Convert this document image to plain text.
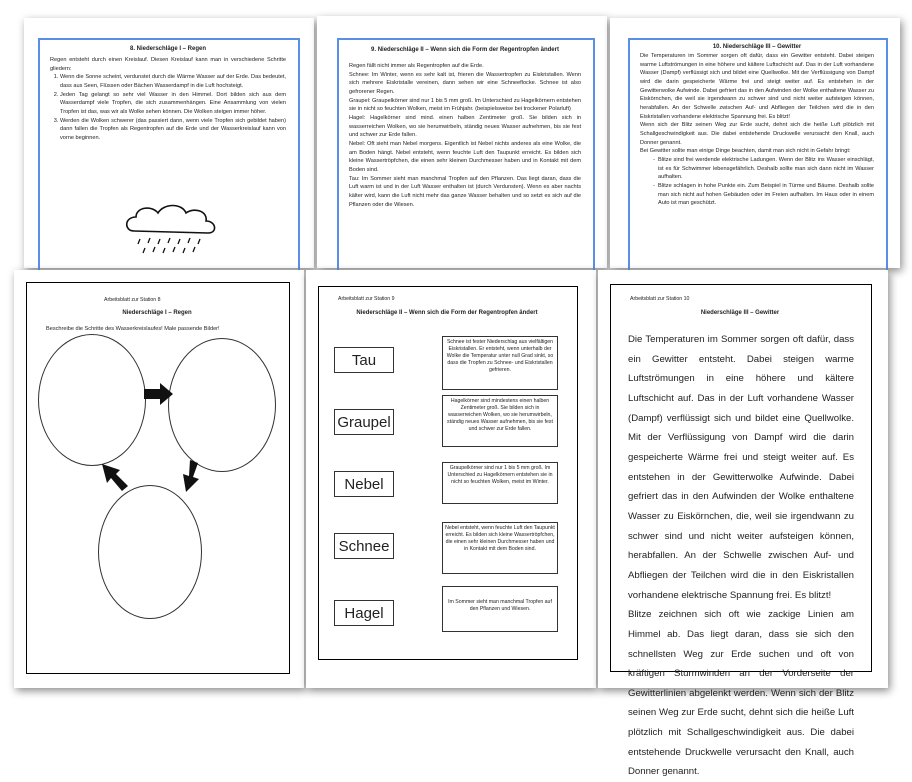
8. Niederschläge I – Regen
Regen entsteht durch einen Kreislauf. Diesen Kreislauf kann man in verschiedene Schritte gliedern:
1. Wenn die Sonne scheint, verdunstet durch die Wärme Wasser auf der Erde. Das bedeutet, dass aus Seen, Flüssen oder Bächen Wasserdampf in die Luft hochsteigt.
2. Jeden Tag gelangt so sehr viel Wasser in den Himmel. Dort bilden sich aus dem Wasserdampf viele Tropfen, die sich zusammenhängen. Eine Ansammlung von vielen Tropfen ist das, was wir als Wolke sehen können. Die Wolken steigen immer höher.
3. Werden die Wolken schwerer (das passiert dann, wenn viele Tropfen sich gebildet haben) dann fallen die Tropfen als Regentropfen auf die Erde und der Wasserkreislauf kann von vorne beginnen.
9. Niederschläge II – Wenn sich die Form der Regentropfen ändert
Regen fällt nicht immer als Regentropfen auf die Erde.
Schnee: Im Winter, wenn es sehr kalt ist, frieren die Wassertropfen zu Eiskristallen. Wenn sich mehrere Eiskristalle vereinen, dann sehen wir eine Schneeflocke. Schnee ist also gefrorener Regen.
Graupel: Graupelkörner sind nur 1 bis 5 mm groß. Im Unterschied zu Hagelkörnern entstehen sie in nicht so feuchten Wolken, meist im Frühjahr. (beispielsweise bei trockener Polarluft)
Hagel: Hagelkörner sind mind. einen halben Zentimeter groß. Sie bilden sich in wasserreichen Wolken, wo sie herumwirbeln, ständig neues Wasser aufnehmen, bis sie fest und schwer zur Erde fallen.
Nebel: Oft sieht man Nebel morgens. Eigentlich ist Nebel nichts anderes als eine Wolke, die am Boden hängt. Nebel entsteht, wenn feuchte Luft den Taupunkt erreicht. Es bilden sich kleine Wassertröpfchen, die einen sehr kleinen Durchmesser haben und in Kontakt mit dem Boden sind.
Tau: Im Sommer sieht man manchmal Tropfen auf den Pflanzen. Das liegt daran, dass die Luft warm ist und in der Luft Wasser enthalten ist (durch Verdunsten). Wenn es aber nachts kälter wird, kann die Luft nicht mehr das ganze Wasser behalten und so setzt es sich auf die Pflanzen oder die Wiesen.
10. Niederschläge III – Gewitter
Die Temperaturen im Sommer sorgen oft dafür, dass ein Gewitter entsteht. Dabei steigen warme Luftströmungen in eine höhere und kältere Luftschicht auf. Das in der Luft vorhandene Wasser (Dampf) verflüssigt sich und bildet eine Quellwolke. Mit der Verflüssigung von Dampf wird die darin gespeicherte Wärme frei und steigt weiter auf. Es entstehen in der Gewitterwolke Aufwinde. Dabei gefriert das in den Aufwinden der Wolke enthaltene Wasser zu Eiskörnchen, die weil sie irgendwann zu schwer sind und nicht weiter aufsteigen können, herabfallen. An der Schwelle zwischen Auf- und Abfliegen der Teilchen wird die in den Eiskristallen vorhandene elektrische Spannung frei. Es blitzt!
Wenn sich der Blitz seinen Weg zur Erde sucht, dehnt sich die heiße Luft plötzlich mit Schallgeschwindigkeit aus. Die dabei entstehende Druckwelle verursacht den Knall, auch Donner genannt.
Bei Gewitter sollte man einige Dinge beachten, damit man sich nicht in Gefahr bringt:
- Blitze sind frei werdende elektrische Ladungen. Wenn der Blitz ins Wasser einschlägt, ist es für Schwimmer lebensgefährlich. Deshalb sollte man sich dann nicht im Wasser aufhalten.
- Blitze schlagen in hohe Punkte ein. Zum Beispiel in Türme und Bäume. Deshalb sollte man sich nicht auf hohen Gebäuden oder im Freien aufhalten. Im Haus oder in einem Auto ist man geschützt.
Arbeitsblatt zur Station 8
Niederschläge I – Regen
Beschreibe die Schritte des Wasserkreislaufes! Male passende Bilder!
Arbeitsblatt zur Station 9
Niederschläge II – Wenn sich die Form der Regentropfen ändert
Tau
Graupel
Nebel
Schnee
Hagel
Schnee ist fester Niederschlag aus vielfältigen Eiskristallen. Er entsteht, wenn unterhalb der Wolke die Temperatur unter null Grad sinkt, so dass die Tropfen zu Schnee- und Eiskristallen gefrieren.
Hagelkörner sind mindestens einen halben Zentimeter groß. Sie bilden sich in wasserreichen Wolken, wo sie herumwirbeln, ständig neues Wasser aufnehmen, bis sie fest und schwer zur Erde fallen.
Graupelkörner sind nur 1 bis 5 mm groß. Im Unterschied zu Hagelkörnern entstehen sie in nicht so feuchten Wolken, meist im Winter.
Nebel entsteht, wenn feuchte Luft den Taupunkt erreicht. Es bilden sich kleine Wassertröpfchen, die einen sehr kleinen Durchmesser haben und in Kontakt mit dem Boden sind.
Im Sommer sieht man manchmal Tropfen auf den Pflanzen und Wiesen.
Arbeitsblatt zur Station 10
Niederschläge III – Gewitter
Die Temperaturen im Sommer sorgen oft dafür, dass ein Gewitter entsteht. Dabei steigen warme Luftströmungen in eine höhere und kältere Luftschicht auf. Das in der Luft vorhandene Wasser (Dampf) verflüssigt sich und bildet eine Quellwolke. Mit der Verflüssigung von Dampf wird die darin gespeicherte Wärme frei und steigt weiter auf. Es entstehen in der Gewitterwolke Aufwinde. Dabei gefriert das in den Aufwinden der Wolke enthaltene Wasser zu Eiskörnchen, die, weil sie irgendwann zu schwer sind und nicht weiter aufsteigen können, herabfallen. An der Schwelle zwischen Auf- und Abfliegen der Teilchen wird die in den Eiskristallen vorhandene elektrische Spannung frei. Es blitzt!
Blitze zeichnen sich oft wie zackige Linien am Himmel ab. Das liegt daran, dass sie sich den schnellsten Weg zur Erde suchen und oft von kräftigen Sturmwinden an der Vorderseite der Gewitterlinien abgelenkt werden. Wenn sich der Blitz seinen Weg zur Erde sucht, dehnt sich die heiße Luft plötzlich mit Schallgeschwindigkeit aus. Die dabei entstehende Druckwelle verursacht den Knall, auch Donner genannt.
